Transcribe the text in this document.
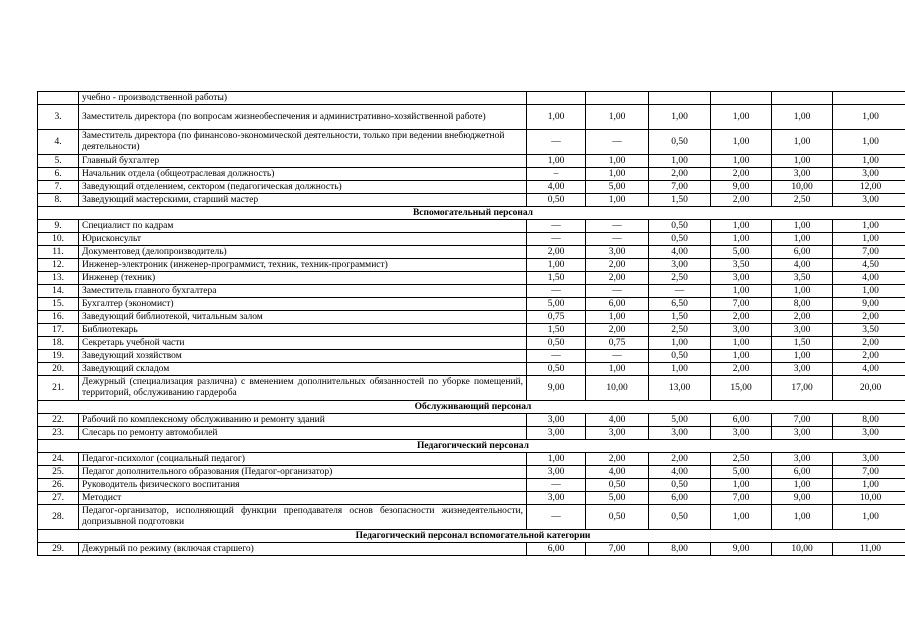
	учебно - производственной работы)						
3.	Заместитель директора (по вопросам жизнеобеспечения и административно-хозяйственной работе)	1,00	1,00	1,00	1,00	1,00	1,00
4.	Заместитель директора (по финансово-экономической деятельности, только при ведении внебюджетной деятельности)	—	—	0,50	1,00	1,00	1,00
5.	Главный бухгалтер	1,00	1,00	1,00	1,00	1,00	1,00
6.	Начальник отдела (общеотраслевая должность)	–	1,00	2,00	2,00	3,00	3,00
7.	Заведующий отделением, сектором (педагогическая должность)	4,00	5,00	7,00	9,00	10,00	12,00
8.	Заведующий мастерскими, старший мастер	0,50	1,00	1,50	2,00	2,50	3,00
Вспомогательный персонал							
9.	Специалист по кадрам	—	—	0,50	1,00	1,00	1,00
10.	Юрисконсульт	—	—	0,50	1,00	1,00	1,00
11.	Документовед (делопроизводитель)	2,00	3,00	4,00	5,00	6,00	7,00
12.	Инженер-электроник (инженер-программист, техник, техник-программист)	1,00	2,00	3,00	3,50	4,00	4,50
13.	Инженер (техник)	1,50	2,00	2,50	3,00	3,50	4,00
14.	Заместитель главного бухгалтера	—	—	—	1,00	1,00	1,00
15.	Бухгалтер (экономист)	5,00	6,00	6,50	7,00	8,00	9,00
16.	Заведующий библиотекой, читальным залом	0,75	1,00	1,50	2,00	2,00	2,00
17.	Библиотекарь	1,50	2,00	2,50	3,00	3,00	3,50
18.	Секретарь учебной части	0,50	0,75	1,00	1,00	1,50	2,00
19.	Заведующий хозяйством	—	—	0,50	1,00	1,00	2,00
20.	Заведующий складом	0,50	1,00	1,00	2,00	3,00	4,00
21.	Дежурный (специализация различна) с вменением дополнительных обязанностей по уборке помещений, территорий, обслуживанию гардероба	9,00	10,00	13,00	15,00	17,00	20,00
Обслуживающий персонал							
22.	Рабочий по комплексному обслуживанию и ремонту зданий	3,00	4,00	5,00	6,00	7,00	8,00
23.	Слесарь по ремонту автомобилей	3,00	3,00	3,00	3,00	3,00	3,00
Педагогический персонал							
24.	Педагог-психолог (социальный педагог)	1,00	2,00	2,00	2,50	3,00	3,00
25.	Педагог дополнительного образования (Педагог-организатор)	3,00	4,00	4,00	5,00	6,00	7,00
26.	Руководитель физического воспитания	—	0,50	0,50	1,00	1,00	1,00
27.	Методист	3,00	5,00	6,00	7,00	9,00	10,00
28.	Педагог-организатор, исполняющий функции преподавателя основ безопасности жизнедеятельности, допризывной подготовки	—	0,50	0,50	1,00	1,00	1,00
Педагогический персонал вспомогательной категории							
29.	Дежурный по режиму (включая старшего)	6,00	7,00	8,00	9,00	10,00	11,00
